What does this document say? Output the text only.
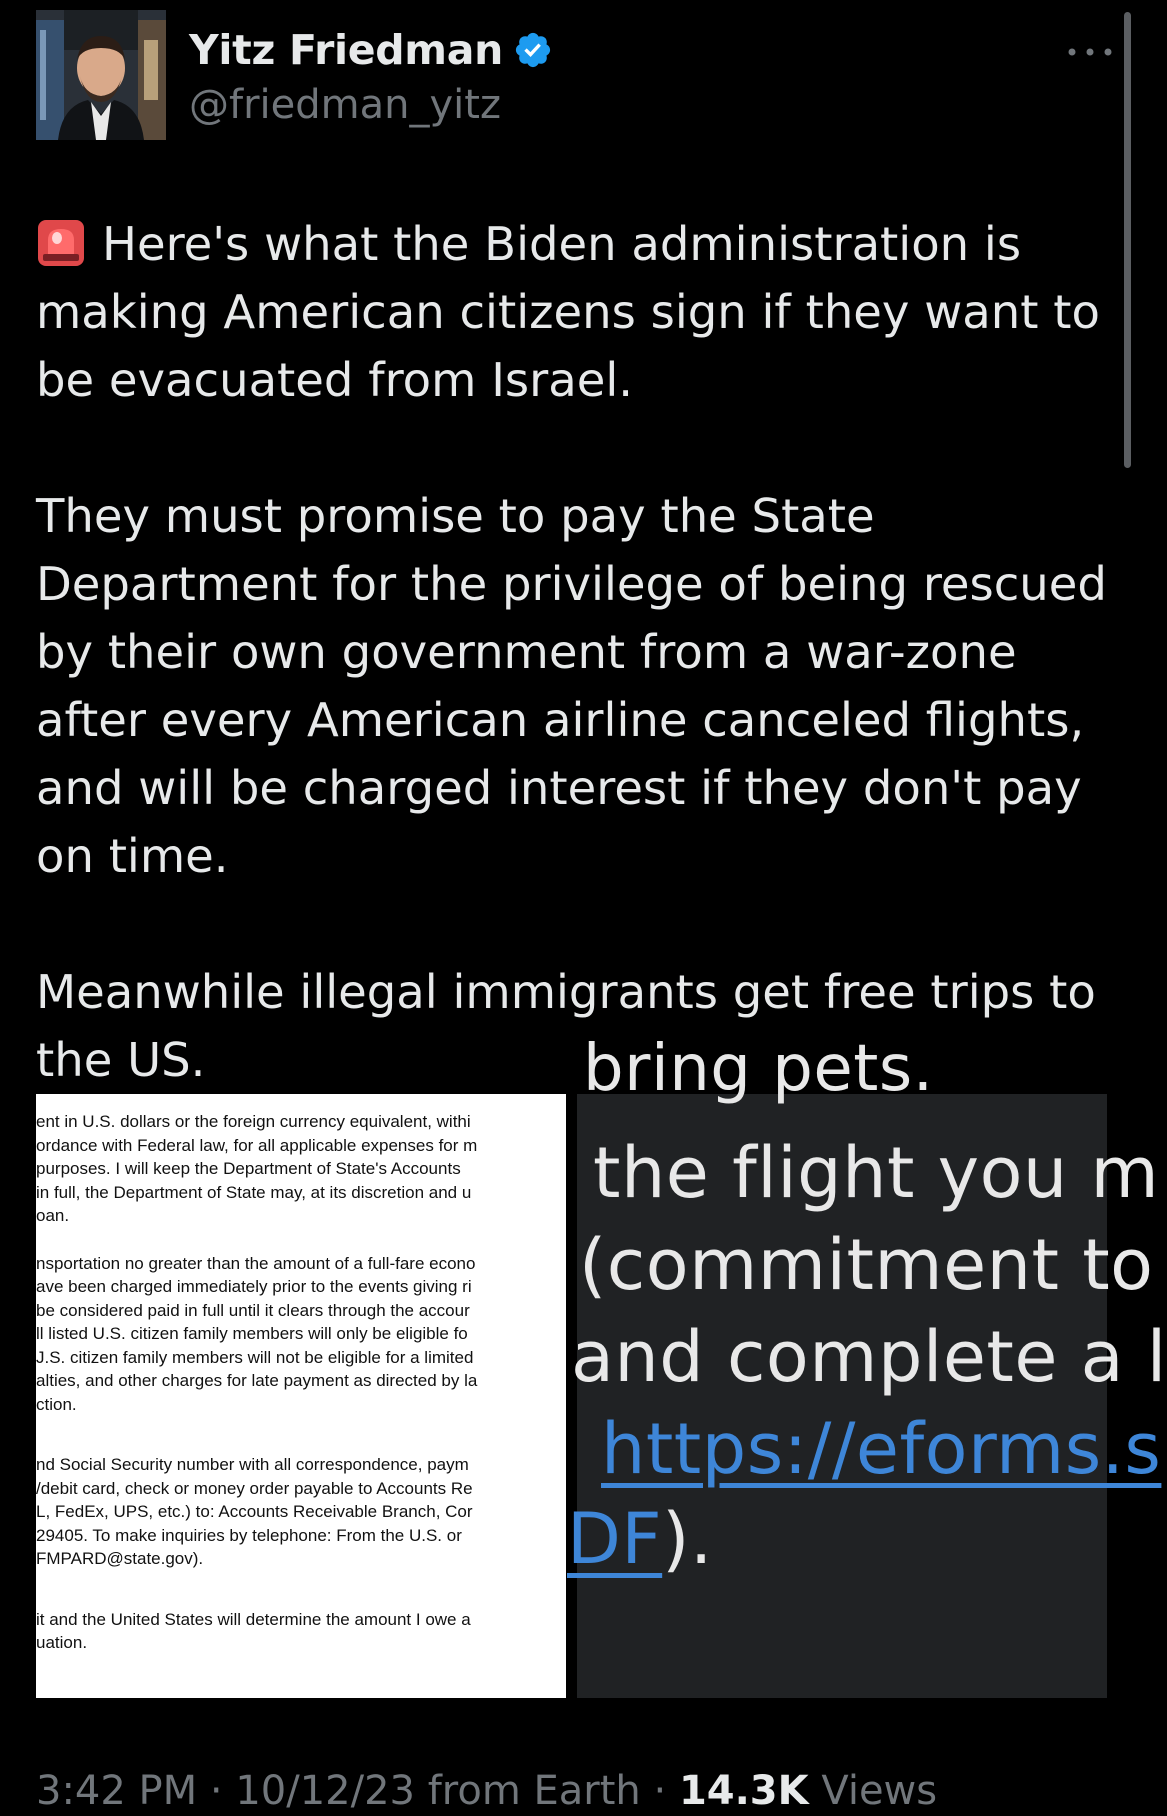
Yitz Friedman
@friedman_yitz

Here's what the Biden administration is making American citizens sign if they want to be evacuated from Israel.

They must promise to pay the State Department for the privilege of being rescued by their own government from a war-zone after every American airline canceled flights, and will be charged interest if they don't pay on time.

Meanwhile illegal immigrants get free trips to the US.

ent in U.S. dollars or the foreign currency equivalent, withi
ordance with Federal law, for all applicable expenses for m
purposes. I will keep the Department of State's Accounts
in full, the Department of State may, at its discretion and u
oan.
nsportation no greater than the amount of a full-fare econo
ave been charged immediately prior to the events giving ri
be considered paid in full until it clears through the accour
ll listed U.S. citizen family members will only be eligible fo
J.S. citizen family members will not be eligible for a limited
alties, and other charges for late payment as directed by la
ction.
nd Social Security number with all correspondence, paym
/debit card, check or money order payable to Accounts Re
L, FedEx, UPS, etc.) to: Accounts Receivable Branch, Cor
29405. To make inquiries by telephone: From the U.S. or
FMPARD@state.gov).
it and the United States will determine the amount I owe a
uation.
bring pets.
the flight you m
(commitment to
and complete a l
https://eforms.s
DF).
3:42 PM · 10/12/23 from Earth · 14.3K Views
